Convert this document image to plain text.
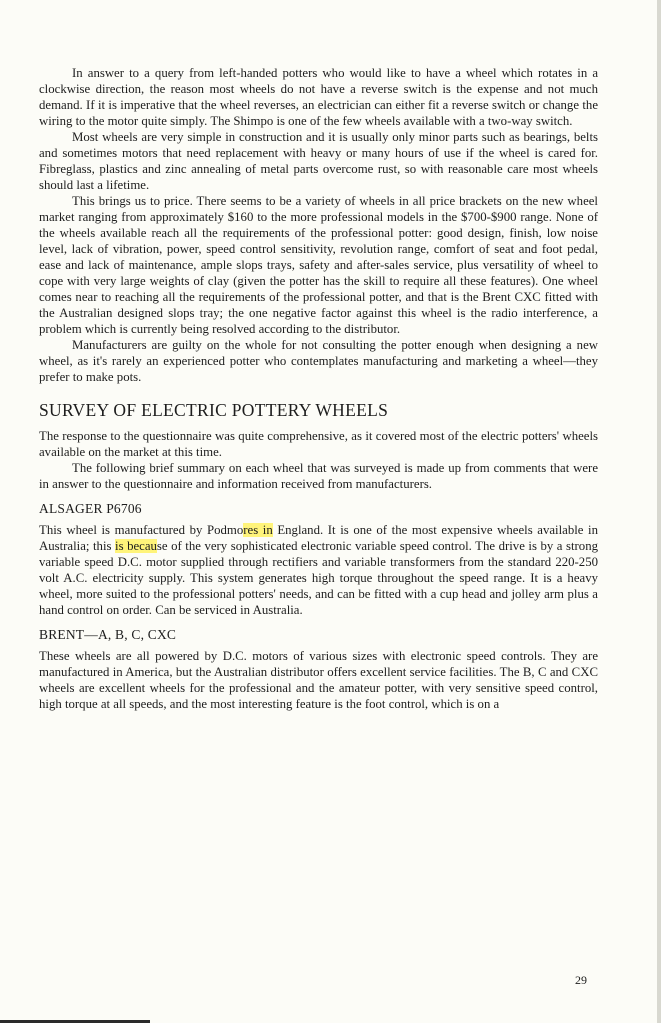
In answer to a query from left-handed potters who would like to have a wheel which rotates in a clockwise direction, the reason most wheels do not have a reverse switch is the expense and not much demand. If it is imperative that the wheel reverses, an electrician can either fit a reverse switch or change the wiring to the motor quite simply. The Shimpo is one of the few wheels available with a two-way switch.

Most wheels are very simple in construction and it is usually only minor parts such as bearings, belts and sometimes motors that need replacement with heavy or many hours of use if the wheel is cared for. Fibreglass, plastics and zinc annealing of metal parts overcome rust, so with reasonable care most wheels should last a lifetime.

This brings us to price. There seems to be a variety of wheels in all price brackets on the new wheel market ranging from approximately $160 to the more professional models in the $700-$900 range. None of the wheels available reach all the requirements of the professional potter: good design, finish, low noise level, lack of vibration, power, speed control sensitivity, revolution range, comfort of seat and foot pedal, ease and lack of maintenance, ample slops trays, safety and after-sales service, plus versatility of wheel to cope with very large weights of clay (given the potter has the skill to require all these features). One wheel comes near to reaching all the requirements of the professional potter, and that is the Brent CXC fitted with the Australian designed slops tray; the one negative factor against this wheel is the radio interference, a problem which is currently being resolved according to the distributor.

Manufacturers are guilty on the whole for not consulting the potter enough when designing a new wheel, as it's rarely an experienced potter who contemplates manufacturing and marketing a wheel—they prefer to make pots.

SURVEY OF ELECTRIC POTTERY WHEELS

The response to the questionnaire was quite comprehensive, as it covered most of the electric potters' wheels available on the market at this time.

The following brief summary on each wheel that was surveyed is made up from comments that were in answer to the questionnaire and information received from manufacturers.

ALSAGER P6706

This wheel is manufactured by Podmores in England. It is one of the most expensive wheels available in Australia; this is because of the very sophisticated electronic variable speed control. The drive is by a strong variable speed D.C. motor supplied through rectifiers and variable transformers from the standard 220-250 volt A.C. electricity supply. This system generates high torque throughout the speed range. It is a heavy wheel, more suited to the professional potters' needs, and can be fitted with a cup head and jolley arm plus a hand control on order. Can be serviced in Australia.

BRENT—A, B, C, CXC

These wheels are all powered by D.C. motors of various sizes with electronic speed controls. They are manufactured in America, but the Australian distributor offers excellent service facilities. The B, C and CXC wheels are excellent wheels for the professional and the amateur potter, with very sensitive speed control, high torque at all speeds, and the most interesting feature is the foot control, which is on a

29
